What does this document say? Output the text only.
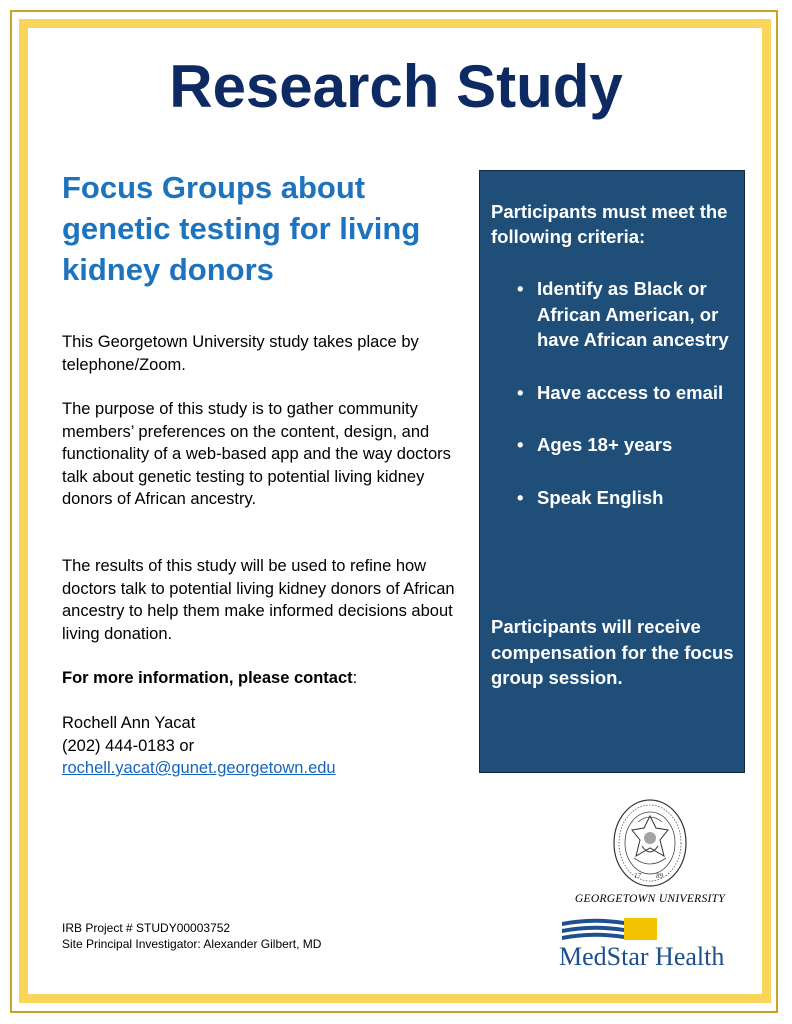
Research Study
Focus Groups about genetic testing for living kidney donors

This Georgetown University study takes place by telephone/Zoom.

The purpose of this study is to gather community members’ preferences on the content, design, and functionality of a web-based app and the way doctors talk about genetic testing to potential living kidney donors of African ancestry.

The results of this study will be used to refine how doctors talk to potential living kidney donors of African ancestry to help them make informed decisions about living donation.

For more information, please contact:

Rochell Ann Yacat
(202) 444-0183 or
rochell.yacat@gunet.georgetown.edu

Participants must meet the following criteria:

• Identify as Black or African American, or have African ancestry
• Have access to email
• Ages 18+ years
• Speak English

Participants will receive compensation for the focus group session.

17 89
GEORGETOWN UNIVERSITY
MedStar Health
IRB Project # STUDY00003752
Site Principal Investigator: Alexander Gilbert, MD
